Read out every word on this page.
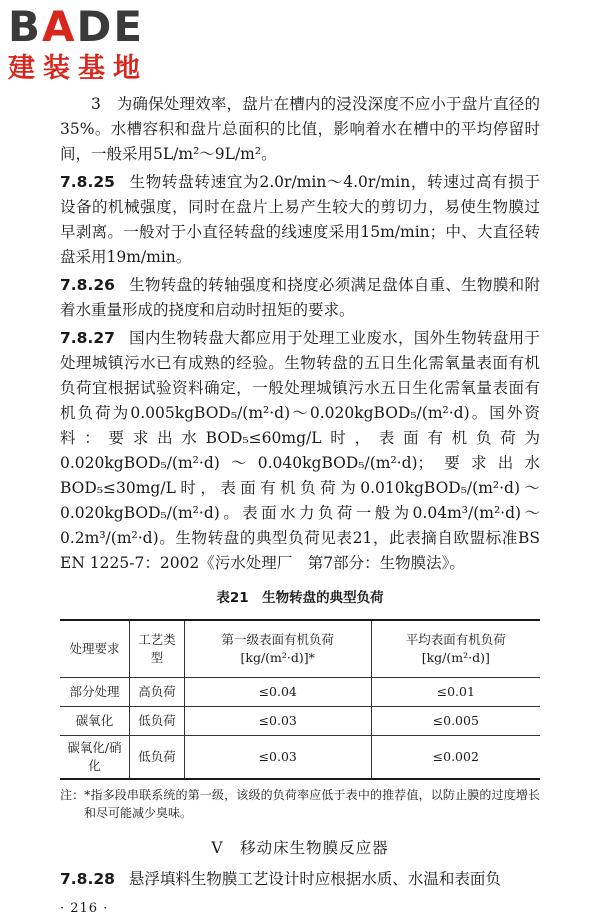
BADE
建装基地

3　为确保处理效率，盘片在槽内的浸没深度不应小于盘片直径的35%。水槽容积和盘片总面积的比值，影响着水在槽中的平均停留时间，一般采用5L/m²～9L/m²。

7.8.25 生物转盘转速宜为2.0r/min～4.0r/min，转速过高有损于设备的机械强度，同时在盘片上易产生较大的剪切力，易使生物膜过早剥离。一般对于小直径转盘的线速度采用15m/min；中、大直径转盘采用19m/min。

7.8.26 生物转盘的转轴强度和挠度必须满足盘体自重、生物膜和附着水重量形成的挠度和启动时扭矩的要求。

7.8.27 国内生物转盘大都应用于处理工业废水，国外生物转盘用于处理城镇污水已有成熟的经验。生物转盘的五日生化需氧量表面有机负荷宜根据试验资料确定，一般处理城镇污水五日生化需氧量表面有机负荷为0.005kgBOD₅/(m²·d)～0.020kgBOD₅/(m²·d)。国外资料：要求出水BOD₅≤60mg/L时，表面有机负荷为0.020kgBOD₅/(m²·d)～0.040kgBOD₅/(m²·d)；要求出水BOD₅≤30mg/L时，表面有机负荷为0.010kgBOD₅/(m²·d)～0.020kgBOD₅/(m²·d)。表面水力负荷一般为0.04m³/(m²·d)～0.2m³/(m²·d)。生物转盘的典型负荷见表21，此表摘自欧盟标准BS EN 1225-7：2002《污水处理厂　第7部分：生物膜法》。

表21　生物转盘的典型负荷
处理要求	工艺类型	第一级表面有机负荷 [kg/(m²·d)]*	平均表面有机负荷 [kg/(m²·d)]
部分处理	高负荷	≤0.04	≤0.01
碳氧化	低负荷	≤0.03	≤0.005
碳氧化/硝化	低负荷	≤0.03	≤0.002

注：*指多段串联系统的第一级，该级的负荷率应低于表中的推荐值，以防止膜的过度增长和尽可能减少臭味。

V　移动床生物膜反应器

7.8.28 悬浮填料生物膜工艺设计时应根据水质、水温和表面负

· 216 ·
